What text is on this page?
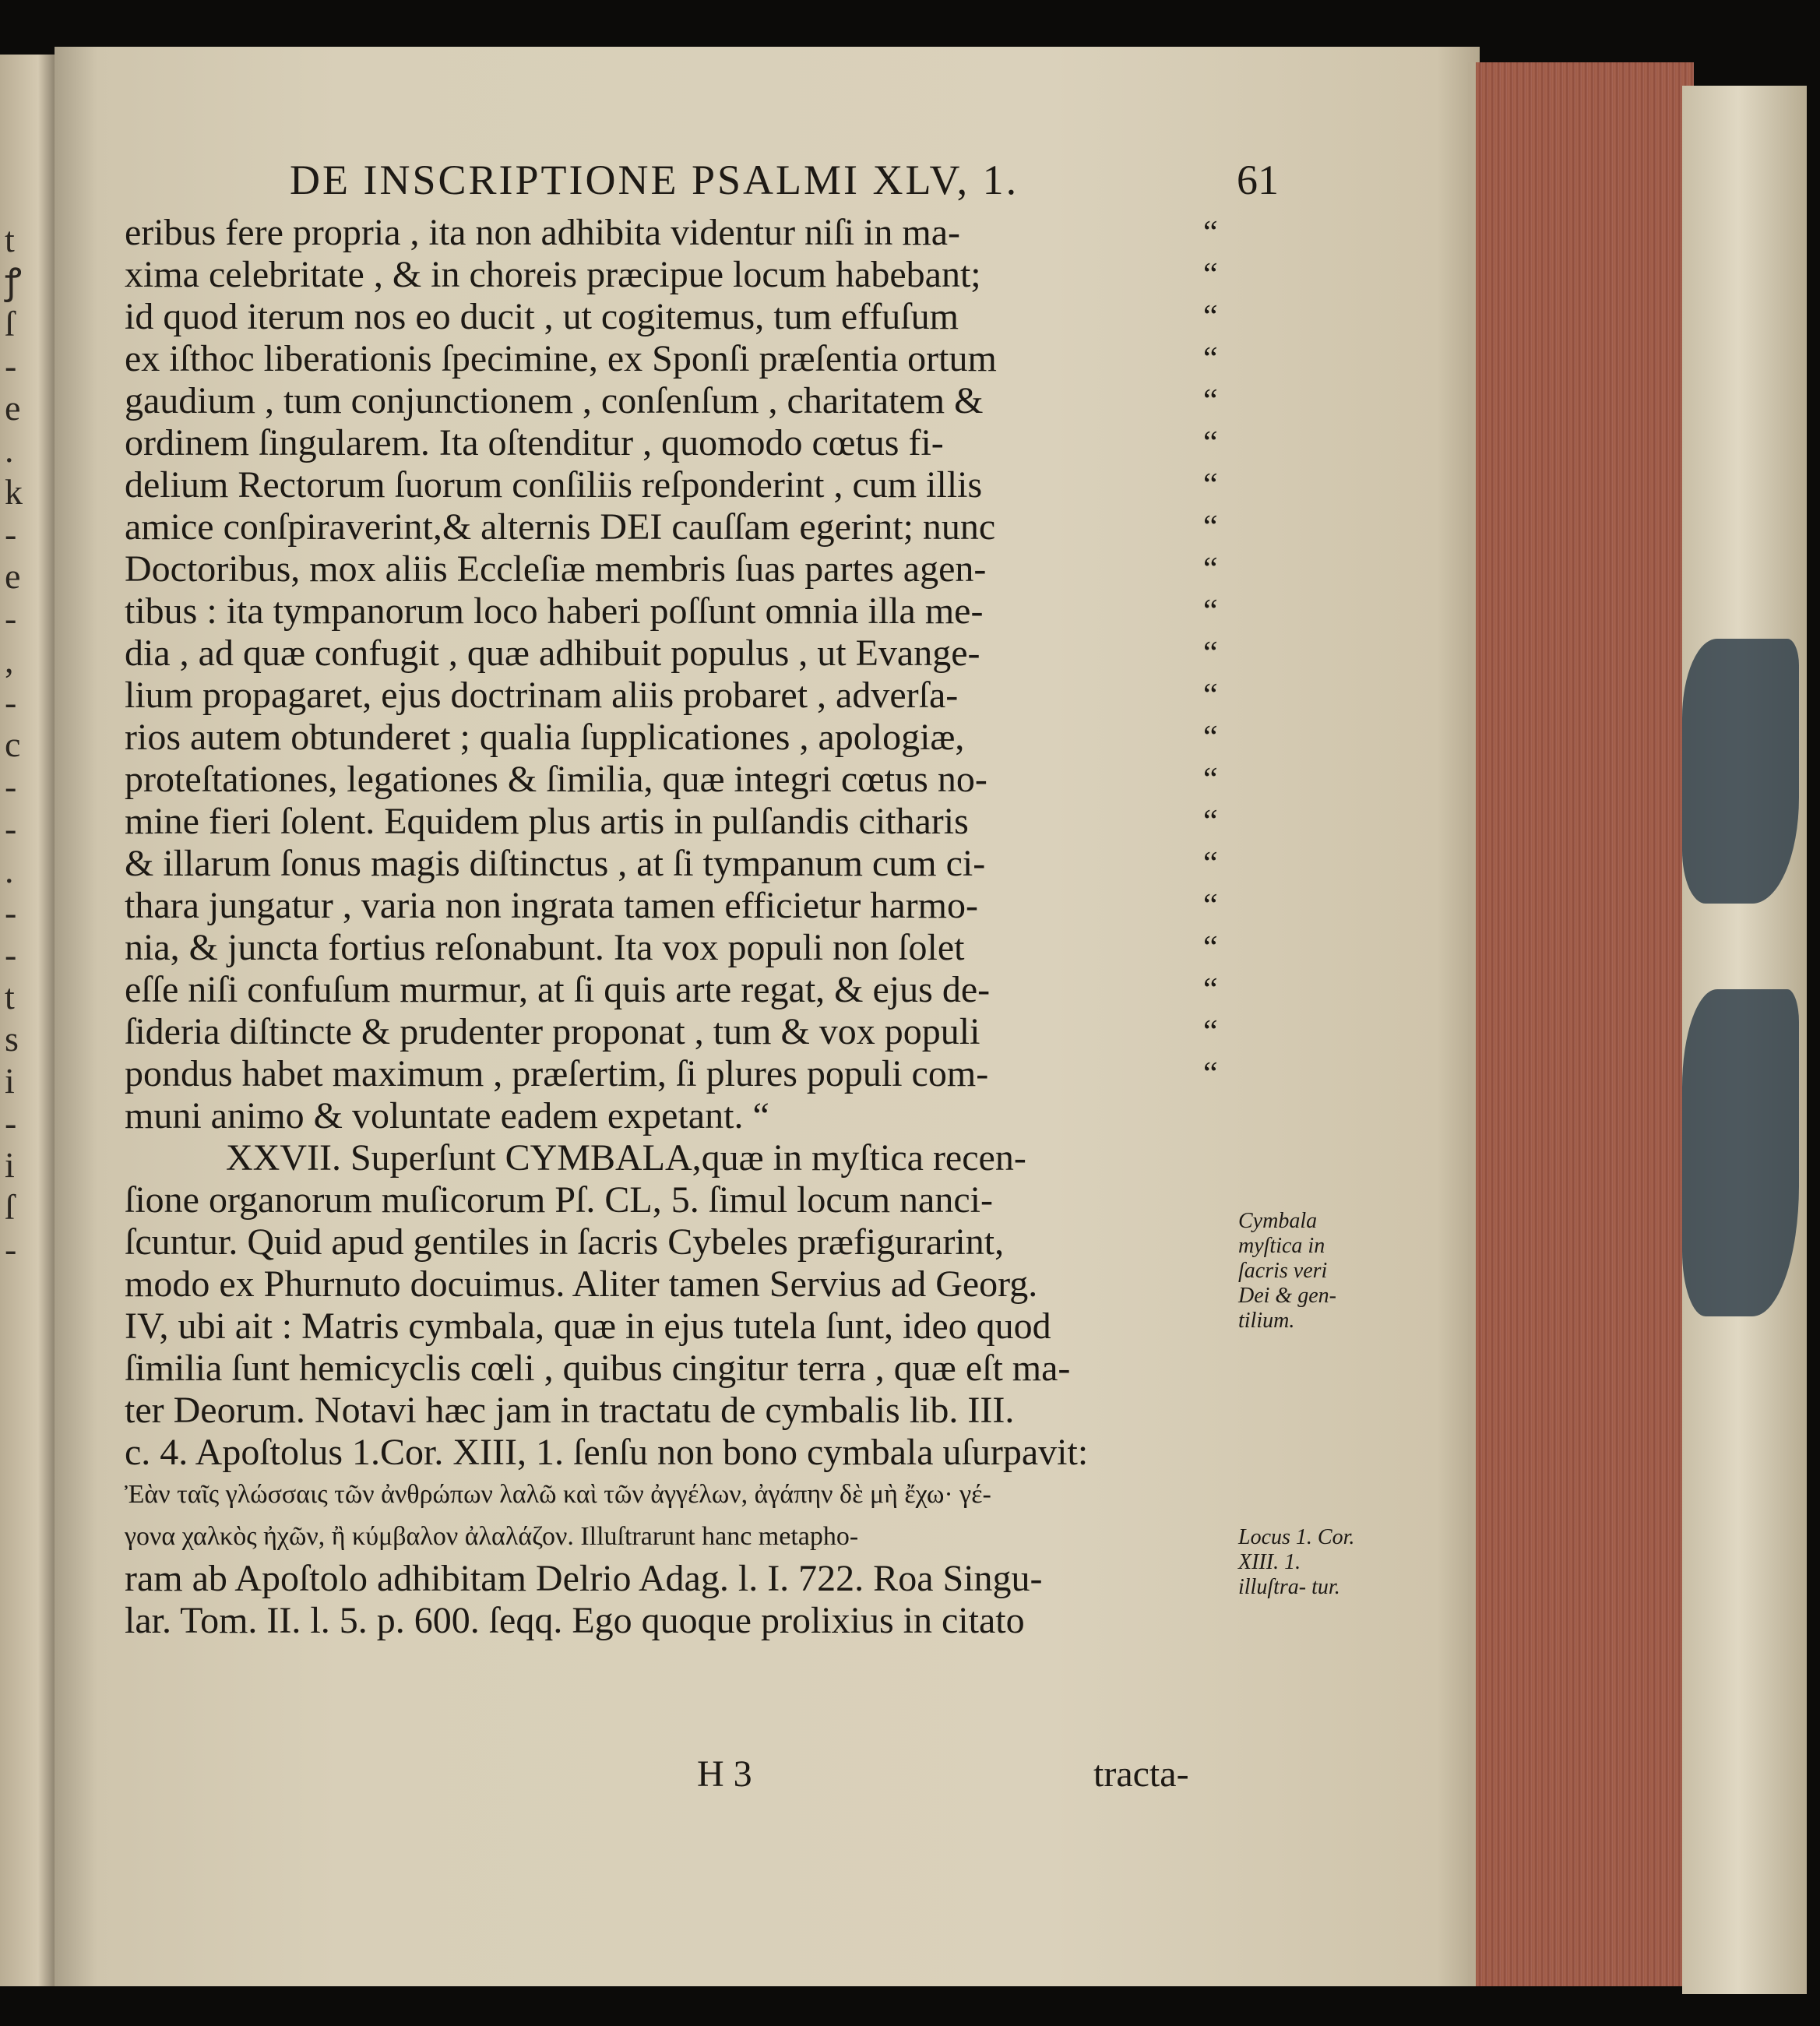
t
ꝭ
ſ
-
e
.
k
-
e
-
,
-
c
-
-
.
-
-
t
s
i
-
i
ſ
-
DE INSCRIPTIONE PSALMI XLV, 1.	61
eribus fere propria , ita non adhibita videntur niſi in ma-
xima celebritate , & in choreis præcipue locum habebant;
id quod iterum nos eo ducit , ut cogitemus, tum effuſum
ex iſthoc liberationis ſpecimine, ex Sponſi præſentia ortum
gaudium , tum conjunctionem , conſenſum , charitatem &
ordinem ſingularem. Ita oſtenditur , quomodo cœtus fi-
delium Rectorum ſuorum conſiliis reſponderint , cum illis
amice conſpiraverint,& alternis DEI cauſſam egerint; nunc
Doctoribus, mox aliis Eccleſiæ membris ſuas partes agen-
tibus : ita tympanorum loco haberi poſſunt omnia illa me-
dia , ad quæ confugit , quæ adhibuit populus , ut Evange-
lium propagaret, ejus doctrinam aliis probaret , adverſa-
rios autem obtunderet ; qualia ſupplicationes , apologiæ,
proteſtationes, legationes & ſimilia, quæ integri cœtus no-
mine fieri ſolent. Equidem plus artis in pulſandis citharis
& illarum ſonus magis diſtinctus , at ſi tympanum cum ci-
thara jungatur , varia non ingrata tamen efficietur harmo-
nia, & juncta fortius reſonabunt. Ita vox populi non ſolet
eſſe niſi confuſum murmur, at ſi quis arte regat, & ejus de-
ſideria diſtincte & prudenter proponat , tum & vox populi
pondus habet maximum , præſertim, ſi plures populi com-
muni animo & voluntate eadem expetant. “
XXVII. Superſunt CYMBALA,quæ in myſtica recen-
ſione organorum muſicorum Pſ. CL, 5. ſimul locum nanci-
ſcuntur. Quid apud gentiles in ſacris Cybeles præfigurarint,
modo ex Phurnuto docuimus. Aliter tamen Servius ad Georg.
IV, ubi ait : Matris cymbala, quæ in ejus tutela ſunt, ideo quod
ſimilia ſunt hemicyclis cœli , quibus cingitur terra , quæ eſt ma-
ter Deorum. Notavi hæc jam in tractatu de cymbalis lib. III.
c. 4. Apoſtolus 1.Cor. XIII, 1. ſenſu non bono cymbala uſurpavit:
Ἐὰν ταῖς γλώσσαις τῶν ἀνθρώπων λαλῶ καὶ τῶν ἀγγέλων, ἀγάπην δὲ μὴ ἔχω· γέ-
γονα χαλκὸς ἠχῶν, ἢ κύμβαλον ἀλαλάζον. Illuſtrarunt hanc metapho-
ram ab Apoſtolo adhibitam Delrio Adag. l. I. 722. Roa Singu-
lar. Tom. II. l. 5. p. 600. ſeqq. Ego quoque prolixius in citato
“
“
“
“
“
“
“
“
“
“
“
“
“
“
“
“
“
“
“
“
“
Cymbala myſtica in ſacris veri Dei & gen- tilium.
Locus 1. Cor. XIII. 1. illuſtra- tur.
H 3	tracta-
